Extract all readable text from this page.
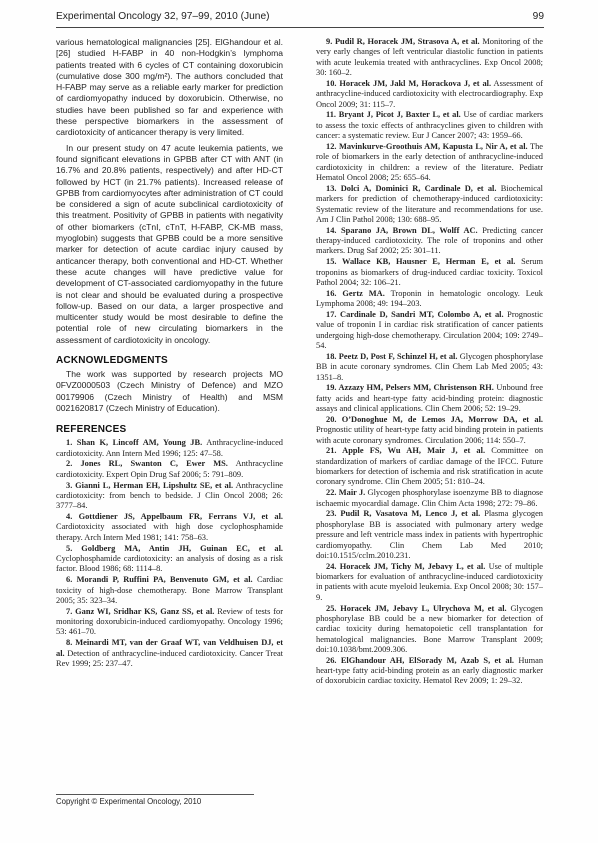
Experimental Oncology 32, 97–99, 2010 (June)	99

various hematological malignancies [25]. ElGhandour et al. [26] studied H-FABP in 40 non-Hodgkin’s lymphoma patients treated with 6 cycles of CT containing doxorubicin (cumulative dose 300 mg/m²). The authors concluded that H-FABP may serve as a reliable early marker for prediction of cardiomyopathy induced by doxorubicin. Otherwise, no studies have been published so far and experience with these perspective biomarkers in the assessment of cardiotoxicity of anticancer therapy is very limited.

In our present study on 47 acute leukemia patients, we found significant elevations in GPBB after CT with ANT (in 16.7% and 20.8% patients, respectively) and after HD-CT followed by HCT (in 21.7% patients). Increased release of GPBB from cardiomyocytes after administration of CT could be considered a sign of acute subclinical cardiotoxicity of this treatment. Positivity of GPBB in patients with negativity of other biomarkers (cTnI, cTnT, H-FABP, CK-MB mass, myoglobin) suggests that GPBB could be a more sensitive marker for detection of acute cardiac injury caused by anticancer therapy, both conventional and HD-CT. Whether these acute changes will have predictive value for development of CT-associated cardiomyopathy in the future is not clear and should be evaluated during a prospective follow-up. Based on our data, a larger prospective and multicenter study would be most desirable to define the potential role of new circulating biomarkers in the assessment of cardiotoxicity in oncology.

ACKNOWLEDGMENTS

The work was supported by research projects MO 0FVZ0000503 (Czech Ministry of Defence) and MZO 00179906 (Czech Ministry of Health) and MSM 0021620817 (Czech Ministry of Education).

REFERENCES

1. Shan K, Lincoff AM, Young JB. Anthracycline-induced cardiotoxicity. Ann Intern Med 1996; 125: 47–58.

2. Jones RL, Swanton C, Ewer MS. Anthracycline cardiotoxicity. Expert Opin Drug Saf 2006; 5: 791–809.

3. Gianni L, Herman EH, Lipshultz SE, et al. Anthracycline cardiotoxicity: from bench to bedside. J Clin Oncol 2008; 26: 3777–84.

4. Gottdiener JS, Appelbaum FR, Ferrans VJ, et al. Cardiotoxicity associated with high dose cyclophosphamide therapy. Arch Intern Med 1981; 141: 758–63.

5. Goldberg MA, Antin JH, Guinan EC, et al. Cyclophosphamide cardiotoxicity: an analysis of dosing as a risk factor. Blood 1986; 68: 1114–8.

6. Morandi P, Ruffini PA, Benvenuto GM, et al. Cardiac toxicity of high-dose chemotherapy. Bone Marrow Transplant 2005; 35: 323–34.

7. Ganz WI, Sridhar KS, Ganz SS, et al. Review of tests for monitoring doxorubicin-induced cardiomyopathy. Oncology 1996; 53: 461–70.

8. Meinardi MT, van der Graaf WT, van Veldhuisen DJ, et al. Detection of anthracycline-induced cardiotoxicity. Cancer Treat Rev 1999; 25: 237–47.

9. Pudil R, Horacek JM, Strasova A, et al. Monitoring of the very early changes of left ventricular diastolic function in patients with acute leukemia treated with anthracyclines. Exp Oncol 2008; 30: 160–2.

10. Horacek JM, Jakl M, Horackova J, et al. Assessment of anthracycline-induced cardiotoxicity with electrocardiography. Exp Oncol 2009; 31: 115–7.

11. Bryant J, Picot J, Baxter L, et al. Use of cardiac markers to assess the toxic effects of anthracyclines given to children with cancer: a systematic review. Eur J Cancer 2007; 43: 1959–66.

12. Mavinkurve-Groothuis AM, Kapusta L, Nir A, et al. The role of biomarkers in the early detection of anthracycline-induced cardiotoxicity in children: a review of the literature. Pediatr Hematol Oncol 2008; 25: 655–64.

13. Dolci A, Dominici R, Cardinale D, et al. Biochemical markers for prediction of chemotherapy-induced cardiotoxicity: Systematic review of the literature and recommendations for use. Am J Clin Pathol 2008; 130: 688–95.

14. Sparano JA, Brown DL, Wolff AC. Predicting cancer therapy-induced cardiotoxicity. The role of troponins and other markers. Drug Saf 2002; 25: 301–11.

15. Wallace KB, Hausner E, Herman E, et al. Serum troponins as biomarkers of drug-induced cardiac toxicity. Toxicol Pathol 2004; 32: 106–21.

16. Gertz MA. Troponin in hematologic oncology. Leuk Lymphoma 2008; 49: 194–203.

17. Cardinale D, Sandri MT, Colombo A, et al. Prognostic value of troponin I in cardiac risk stratification of cancer patients undergoing high-dose chemotherapy. Circulation 2004; 109: 2749–54.

18. Peetz D, Post F, Schinzel H, et al. Glycogen phosphorylase BB in acute coronary syndromes. Clin Chem Lab Med 2005; 43: 1351–8.

19. Azzazy HM, Pelsers MM, Christenson RH. Unbound free fatty acids and heart-type fatty acid-binding protein: diagnostic assays and clinical applications. Clin Chem 2006; 52: 19–29.

20. O’Donoghue M, de Lemos JA, Morrow DA, et al. Prognostic utility of heart-type fatty acid binding protein in patients with acute coronary syndromes. Circulation 2006; 114: 550–7.

21. Apple FS, Wu AH, Mair J, et al. Committee on standardization of markers of cardiac damage of the IFCC. Future biomarkers for detection of ischemia and risk stratification in acute coronary syndrome. Clin Chem 2005; 51: 810–24.

22. Mair J. Glycogen phosphorylase isoenzyme BB to diagnose ischaemic myocardial damage. Clin Chim Acta 1998; 272: 79–86.

23. Pudil R, Vasatova M, Lenco J, et al. Plasma glycogen phosphorylase BB is associated with pulmonary artery wedge pressure and left ventricle mass index in patients with hypertrophic cardiomyopathy. Clin Chem Lab Med 2010; doi:10.1515/cclm.2010.231.

24. Horacek JM, Tichy M, Jebavy L, et al. Use of multiple biomarkers for evaluation of anthracycline-induced cardiotoxicity in patients with acute myeloid leukemia. Exp Oncol 2008; 30: 157–9.

25. Horacek JM, Jebavy L, Ulrychova M, et al. Glycogen phosphorylase BB could be a new biomarker for detection of cardiac toxicity during hematopoietic cell transplantation for hematological malignancies. Bone Marrow Transplant 2009; doi:10.1038/bmt.2009.306.

26. ElGhandour AH, ElSorady M, Azab S, et al. Human heart-type fatty acid-binding protein as an early diagnostic marker of doxorubicin cardiac toxicity. Hematol Rev 2009; 1: 29–32.

Copyright © Experimental Oncology, 2010
